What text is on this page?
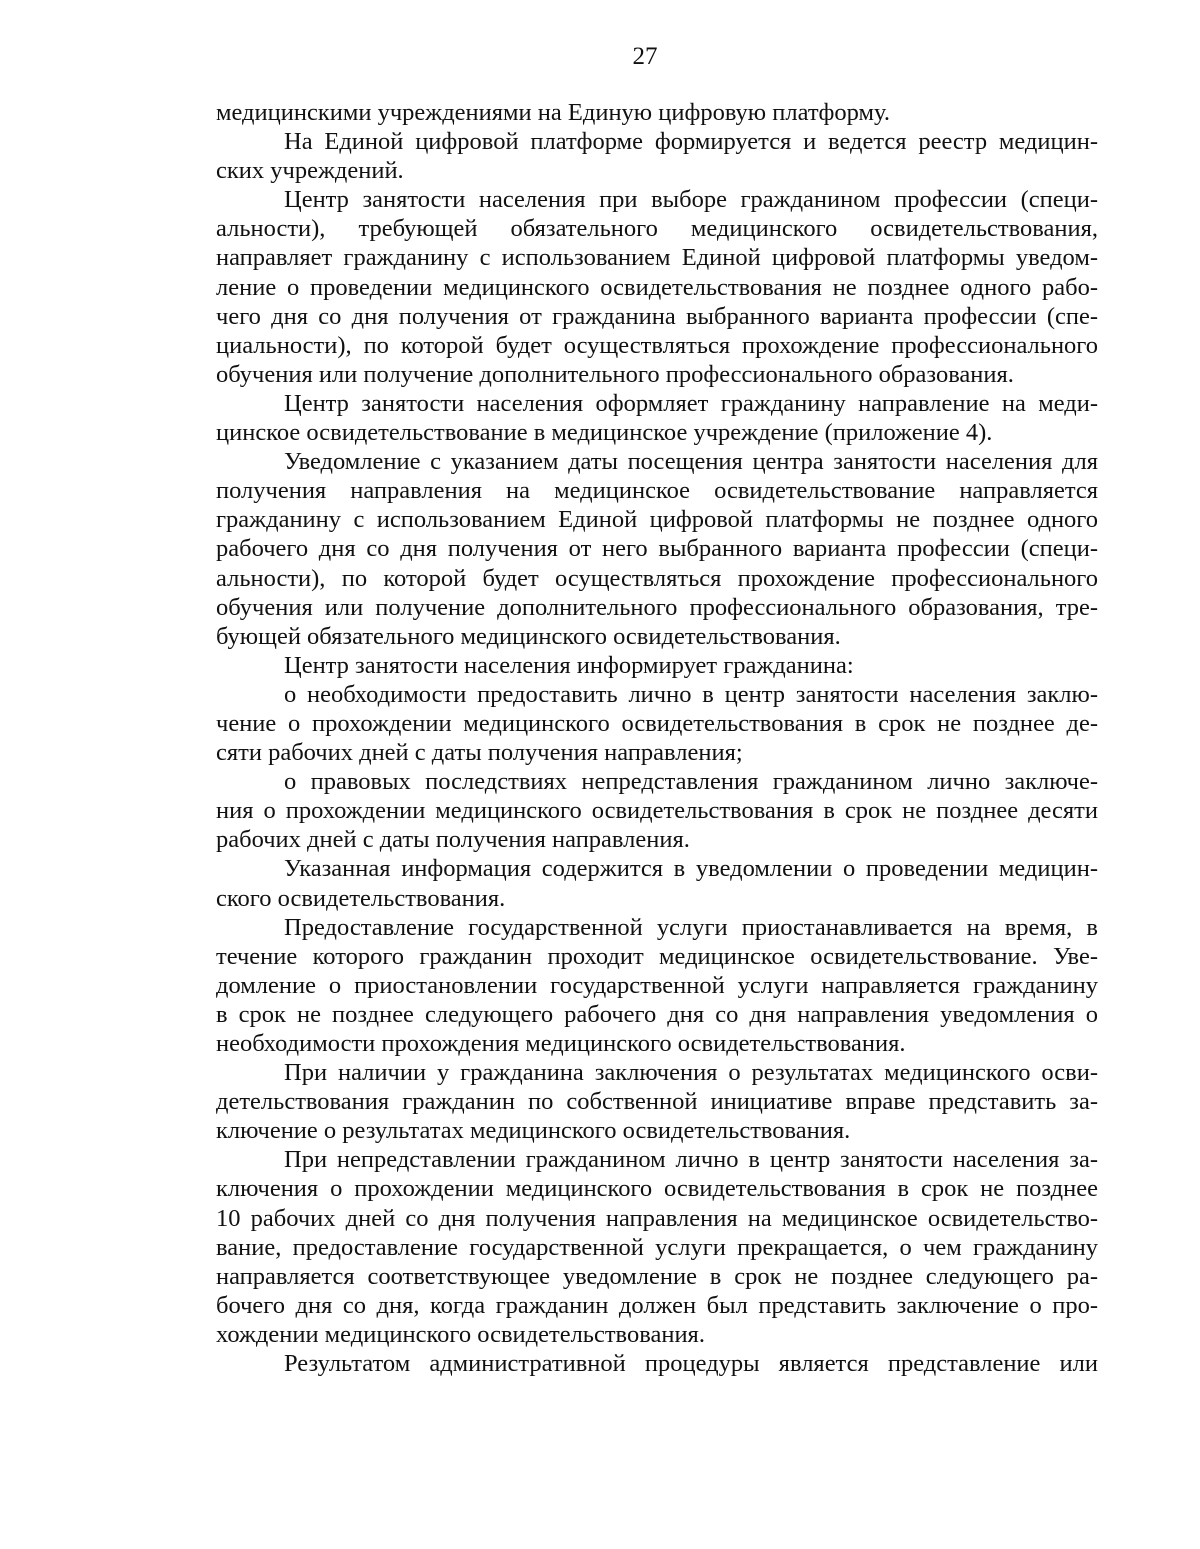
27
медицинскими учреждениями на Единую цифровую платформу.
На Единой цифровой платформе формируется и ведется реестр медицин-
ских учреждений.
Центр занятости населения при выборе гражданином профессии (специ-
альности), требующей обязательного медицинского освидетельствования,
направляет гражданину с использованием Единой цифровой платформы уведом-
ление о проведении медицинского освидетельствования не позднее одного рабо-
чего дня со дня получения от гражданина выбранного варианта профессии (спе-
циальности), по которой будет осуществляться прохождение профессионального
обучения или получение дополнительного профессионального образования.
Центр занятости населения оформляет гражданину направление на меди-
цинское освидетельствование в медицинское учреждение (приложение 4).
Уведомление с указанием даты посещения центра занятости населения для
получения направления на медицинское освидетельствование направляется
гражданину с использованием Единой цифровой платформы не позднее одного
рабочего дня со дня получения от него выбранного варианта профессии (специ-
альности), по которой будет осуществляться прохождение профессионального
обучения или получение дополнительного профессионального образования, тре-
бующей обязательного медицинского освидетельствования.
Центр занятости населения информирует гражданина:
о необходимости предоставить лично в центр занятости населения заклю-
чение о прохождении медицинского освидетельствования в срок не позднее де-
сяти рабочих дней с даты получения направления;
о правовых последствиях непредставления гражданином лично заключе-
ния о прохождении медицинского освидетельствования в срок не позднее десяти
рабочих дней с даты получения направления.
Указанная информация содержится в уведомлении о проведении медицин-
ского освидетельствования.
Предоставление государственной услуги приостанавливается на время, в
течение которого гражданин проходит медицинское освидетельствование. Уве-
домление о приостановлении государственной услуги направляется гражданину
в срок не позднее следующего рабочего дня со дня направления уведомления о
необходимости прохождения медицинского освидетельствования.
При наличии у гражданина заключения о результатах медицинского осви-
детельствования гражданин по собственной инициативе вправе представить за-
ключение о результатах медицинского освидетельствования.
При непредставлении гражданином лично в центр занятости населения за-
ключения о прохождении медицинского освидетельствования в срок не позднее
10 рабочих дней со дня получения направления на медицинское освидетельство-
вание, предоставление государственной услуги прекращается, о чем гражданину
направляется соответствующее уведомление в срок не позднее следующего ра-
бочего дня со дня, когда гражданин должен был представить заключение о про-
хождении медицинского освидетельствования.
Результатом административной процедуры является представление или
